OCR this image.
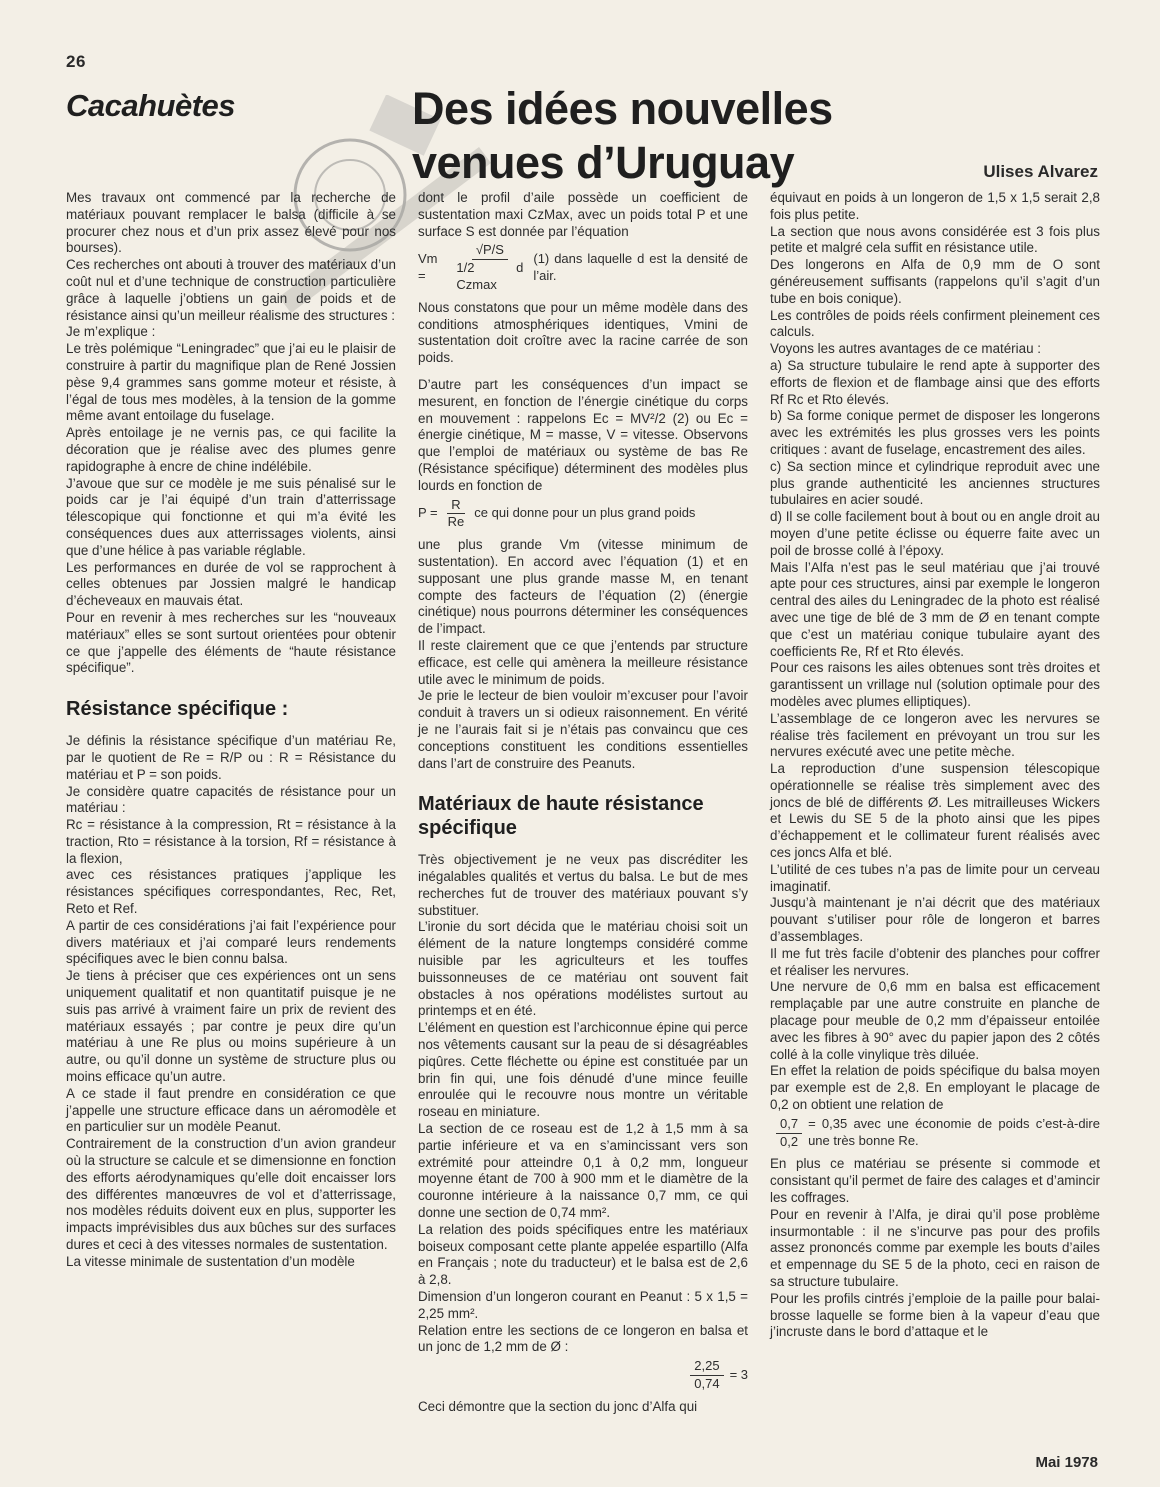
26
Cacahuètes	Des idées nouvelles venues d’Uruguay	Ulises Alvarez

Mes travaux ont commencé par la recherche de matériaux pouvant remplacer le balsa (difficile à se procurer chez nous et d’un prix assez élevé pour nos bourses).

Ces recherches ont abouti à trouver des matériaux d’un coût nul et d’une technique de construction particulière grâce à laquelle j’obtiens un gain de poids et de résistance ainsi qu’un meilleur réalisme des structures :

Je m’explique :

Le très polémique “Leningradec” que j’ai eu le plaisir de construire à partir du magnifique plan de René Jossien pèse 9,4 grammes sans gomme moteur et résiste, à l’égal de tous mes modèles, à la tension de la gomme même avant entoilage du fuselage.

Après entoilage je ne vernis pas, ce qui facilite la décoration que je réalise avec des plumes genre rapidographe à encre de chine indélébile.

J’avoue que sur ce modèle je me suis pénalisé sur le poids car je l’ai équipé d’un train d’atterrissage télescopique qui fonctionne et qui m’a évité les conséquences dues aux atterrissages violents, ainsi que d’une hélice à pas variable réglable.

Les performances en durée de vol se rapprochent à celles obtenues par Jossien malgré le handicap d’écheveaux en mauvais état.

Pour en revenir à mes recherches sur les “nouveaux matériaux” elles se sont surtout orientées pour obtenir ce que j’appelle des éléments de “haute résistance spécifique”.

Résistance spécifique :

Je définis la résistance spécifique d’un matériau Re, par le quotient de Re = R/P ou : R = Résistance du matériau et P = son poids.

Je considère quatre capacités de résistance pour un matériau :

Rc = résistance à la compression, Rt = résistance à la traction, Rto = résistance à la torsion, Rf = résistance à la flexion,

avec ces résistances pratiques j’applique les résistances spécifiques correspondantes, Rec, Ret, Reto et Ref.

A partir de ces considérations j’ai fait l’expérience pour divers matériaux et j’ai comparé leurs rendements spécifiques avec le bien connu balsa.

Je tiens à préciser que ces expériences ont un sens uniquement qualitatif et non quantitatif puisque je ne suis pas arrivé à vraiment faire un prix de revient des matériaux essayés ; par contre je peux dire qu’un matériau à une Re plus ou moins supérieure à un autre, ou qu’il donne un système de structure plus ou moins efficace qu’un autre.

A ce stade il faut prendre en considération ce que j’appelle une structure efficace dans un aéromodèle et en particulier sur un modèle Peanut.

Contrairement de la construction d’un avion grandeur où la structure se calcule et se dimensionne en fonction des efforts aérodynamiques qu’elle doit encaisser lors des différentes manœuvres de vol et d’atterrissage, nos modèles réduits doivent eux en plus, supporter les impacts imprévisibles dus aux bûches sur des surfaces dures et ceci à des vitesses normales de sustentation.

La vitesse minimale de sustentation d’un modèle

dont le profil d’aile possède un coefficient de sustentation maxi CzMax, avec un poids total P et une surface S est donnée par l’équation

Vm =	$\frac{√P/S}{\text{1/2 d Czmax}} (1)$ dans laquelle d est la densité de l’air.

Nous constatons que pour un même modèle dans des conditions atmosphériques identiques, Vmini de sustentation doit croître avec la racine carrée de son poids.

D’autre part les conséquences d’un impact se mesurent, en fonction de l’énergie cinétique du corps en mouvement : rappelons Ec = MV²/2 (2) ou Ec = énergie cinétique, M = masse, V = vitesse. Observons que l’emploi de matériaux ou système de bas Re (Résistance spécifique) déterminent des modèles plus lourds en fonction de

$P = \frac{R}{Re}$ ce qui donne pour un plus grand poids

une plus grande Vm (vitesse minimum de sustentation). En accord avec l’équation (1) et en supposant une plus grande masse M, en tenant compte des facteurs de l’équation (2) (énergie cinétique) nous pourrons déterminer les conséquences de l’impact.

Il reste clairement que ce que j’entends par structure efficace, est celle qui amènera la meilleure résistance utile avec le minimum de poids.

Je prie le lecteur de bien vouloir m’excuser pour l’avoir conduit à travers un si odieux raisonnement. En vérité je ne l’aurais fait si je n’étais pas convaincu que ces conceptions constituent les conditions essentielles dans l’art de construire des Peanuts.

Matériaux de haute résistance spécifique

Très objectivement je ne veux pas discréditer les inégalables qualités et vertus du balsa. Le but de mes recherches fut de trouver des matériaux pouvant s’y substituer.

L’ironie du sort décida que le matériau choisi soit un élément de la nature longtemps considéré comme nuisible par les agriculteurs et les touffes buissonneuses de ce matériau ont souvent fait obstacles à nos opérations modélistes surtout au printemps et en été.

L’élément en question est l’archiconnue épine qui perce nos vêtements causant sur la peau de si désagréables piqûres. Cette fléchette ou épine est constituée par un brin fin qui, une fois dénudé d’une mince feuille enroulée qui le recouvre nous montre un véritable roseau en miniature.

La section de ce roseau est de 1,2 à 1,5 mm à sa partie inférieure et va en s’amincissant vers son extrémité pour atteindre 0,1 à 0,2 mm, longueur moyenne étant de 700 à 900 mm et le diamètre de la couronne intérieure à la naissance 0,7 mm, ce qui donne une section de 0,74 mm².

La relation des poids spécifiques entre les matériaux boiseux composant cette plante appelée espartillo (Alfa en Français ; note du traducteur) et le balsa est de 2,6 à 2,8.

Dimension d’un longeron courant en Peanut : 5 x 1,5 = 2,25 mm².

Relation entre les sections de ce longeron en balsa et un jonc de 1,2 mm de Ø :

$\frac{2,25}{0,74} = 3$

Ceci démontre que la section du jonc d’Alfa qui

équivaut en poids à un longeron de 1,5 x 1,5 serait 2,8 fois plus petite.

La section que nous avons considérée est 3 fois plus petite et malgré cela suffit en résistance utile.

Des longerons en Alfa de 0,9 mm de O sont généreusement suffisants (rappelons qu’il s’agit d’un tube en bois conique).

Les contrôles de poids réels confirment pleinement ces calculs.

Voyons les autres avantages de ce matériau :

a) Sa structure tubulaire le rend apte à supporter des efforts de flexion et de flambage ainsi que des efforts Rf Rc et Rto élevés.

b) Sa forme conique permet de disposer les longerons avec les extrémités les plus grosses vers les points critiques : avant de fuselage, encastrement des ailes.

c) Sa section mince et cylindrique reproduit avec une plus grande authenticité les anciennes structures tubulaires en acier soudé.

d) Il se colle facilement bout à bout ou en angle droit au moyen d’une petite éclisse ou équerre faite avec un poil de brosse collé à l’époxy.

Mais l’Alfa n’est pas le seul matériau que j’ai trouvé apte pour ces structures, ainsi par exemple le longeron central des ailes du Leningradec de la photo est réalisé avec une tige de blé de 3 mm de Ø en tenant compte que c’est un matériau conique tubulaire ayant des coefficients Re, Rf et Rto élevés.

Pour ces raisons les ailes obtenues sont très droites et garantissent un vrillage nul (solution optimale pour des modèles avec plumes elliptiques).

L’assemblage de ce longeron avec les nervures se réalise très facilement en prévoyant un trou sur les nervures exécuté avec une petite mèche.

La reproduction d’une suspension télescopique opérationnelle se réalise très simplement avec des joncs de blé de différents Ø. Les mitrailleuses Wickers et Lewis du SE 5 de la photo ainsi que les pipes d’échappement et le collimateur furent réalisés avec ces joncs Alfa et blé.

L’utilité de ces tubes n’a pas de limite pour un cerveau imaginatif.

Jusqu’à maintenant je n’ai décrit que des matériaux pouvant s’utiliser pour rôle de longeron et barres d’assemblages.

Il me fut très facile d’obtenir des planches pour coffrer et réaliser les nervures.

Une nervure de 0,6 mm en balsa est efficacement remplaçable par une autre construite en planche de placage pour meuble de 0,2 mm d’épaisseur entoilée avec les fibres à 90° avec du papier japon des 2 côtés collé à la colle vinylique très diluée.

En effet la relation de poids spécifique du balsa moyen par exemple est de 2,8. En employant le placage de 0,2 on obtient une relation de

$\frac{0,7}{0,2} = 0,35$ avec une économie de poids c’est-à-dire une très bonne Re.

En plus ce matériau se présente si commode et consistant qu’il permet de faire des calages et d’amincir les coffrages.

Pour en revenir à l’Alfa, je dirai qu’il pose problème insurmontable : il ne s’incurve pas pour des profils assez prononcés comme par exemple les bouts d’ailes et empennage du SE 5 de la photo, ceci en raison de sa structure tubulaire.

Pour les profils cintrés j’emploie de la paille pour balai-brosse laquelle se forme bien à la vapeur d’eau que j’incruste dans le bord d’attaque et le

Mai 1978
